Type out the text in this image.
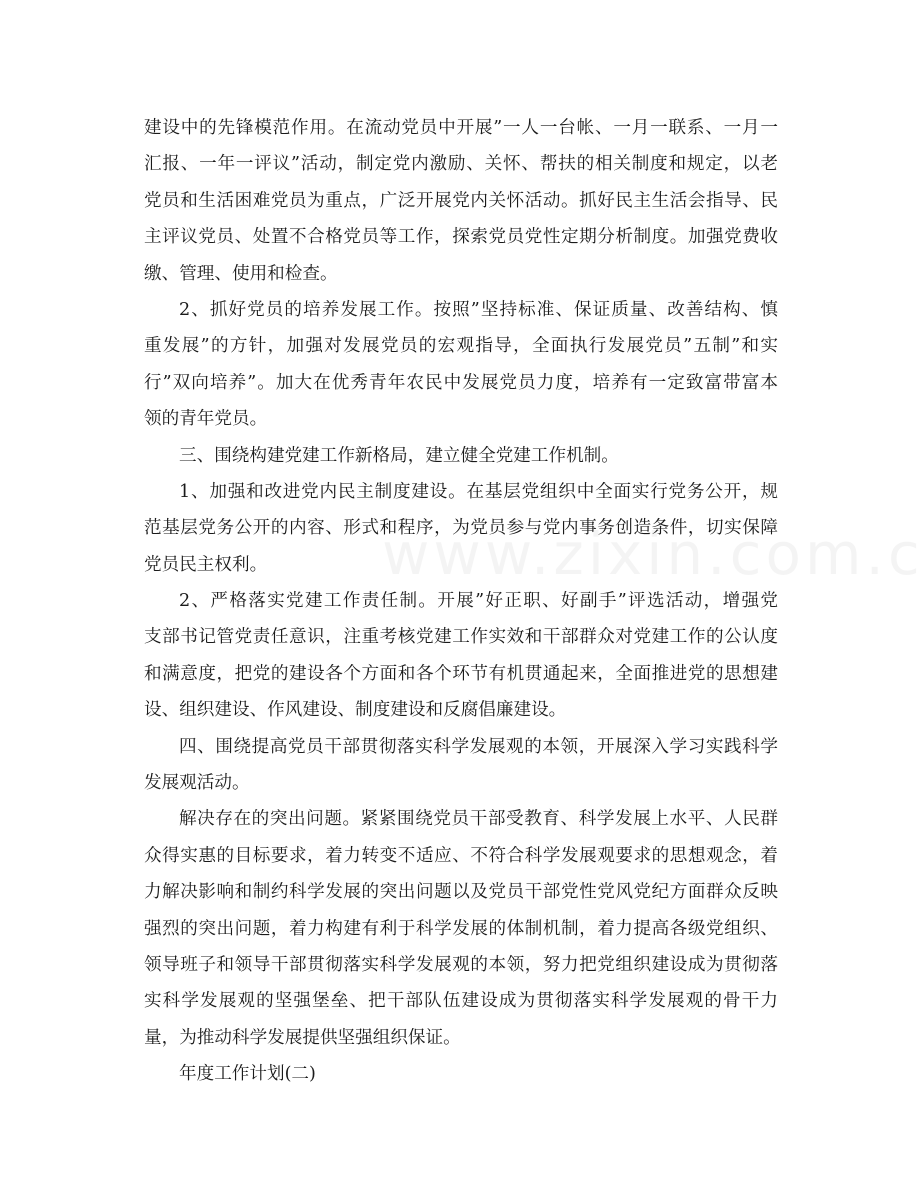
建设中的先锋模范作用。在流动党员中开展”一人一台帐、一月一联系、一月一
汇报、一年一评议”活动，制定党内激励、关怀、帮扶的相关制度和规定，以老
党员和生活困难党员为重点，广泛开展党内关怀活动。抓好民主生活会指导、民
主评议党员、处置不合格党员等工作，探索党员党性定期分析制度。加强党费收
缴、管理、使用和检查。
2、抓好党员的培养发展工作。按照”坚持标准、保证质量、改善结构、慎
重发展”的方针，加强对发展党员的宏观指导，全面执行发展党员”五制”和实
行”双向培养”。加大在优秀青年农民中发展党员力度，培养有一定致富带富本
领的青年党员。
三、围绕构建党建工作新格局，建立健全党建工作机制。
1、加强和改进党内民主制度建设。在基层党组织中全面实行党务公开，规
范基层党务公开的内容、形式和程序，为党员参与党内事务创造条件，切实保障
党员民主权利。
2、严格落实党建工作责任制。开展”好正职、好副手”评选活动，增强党
支部书记管党责任意识，注重考核党建工作实效和干部群众对党建工作的公认度
和满意度，把党的建设各个方面和各个环节有机贯通起来，全面推进党的思想建
设、组织建设、作风建设、制度建设和反腐倡廉建设。
四、围绕提高党员干部贯彻落实科学发展观的本领，开展深入学习实践科学
发展观活动。
解决存在的突出问题。紧紧围绕党员干部受教育、科学发展上水平、人民群
众得实惠的目标要求，着力转变不适应、不符合科学发展观要求的思想观念，着
力解决影响和制约科学发展的突出问题以及党员干部党性党风党纪方面群众反映
强烈的突出问题，着力构建有利于科学发展的体制机制，着力提高各级党组织、
领导班子和领导干部贯彻落实科学发展观的本领，努力把党组织建设成为贯彻落
实科学发展观的坚强堡垒、把干部队伍建设成为贯彻落实科学发展观的骨干力
量，为推动科学发展提供坚强组织保证。
年度工作计划(二)
